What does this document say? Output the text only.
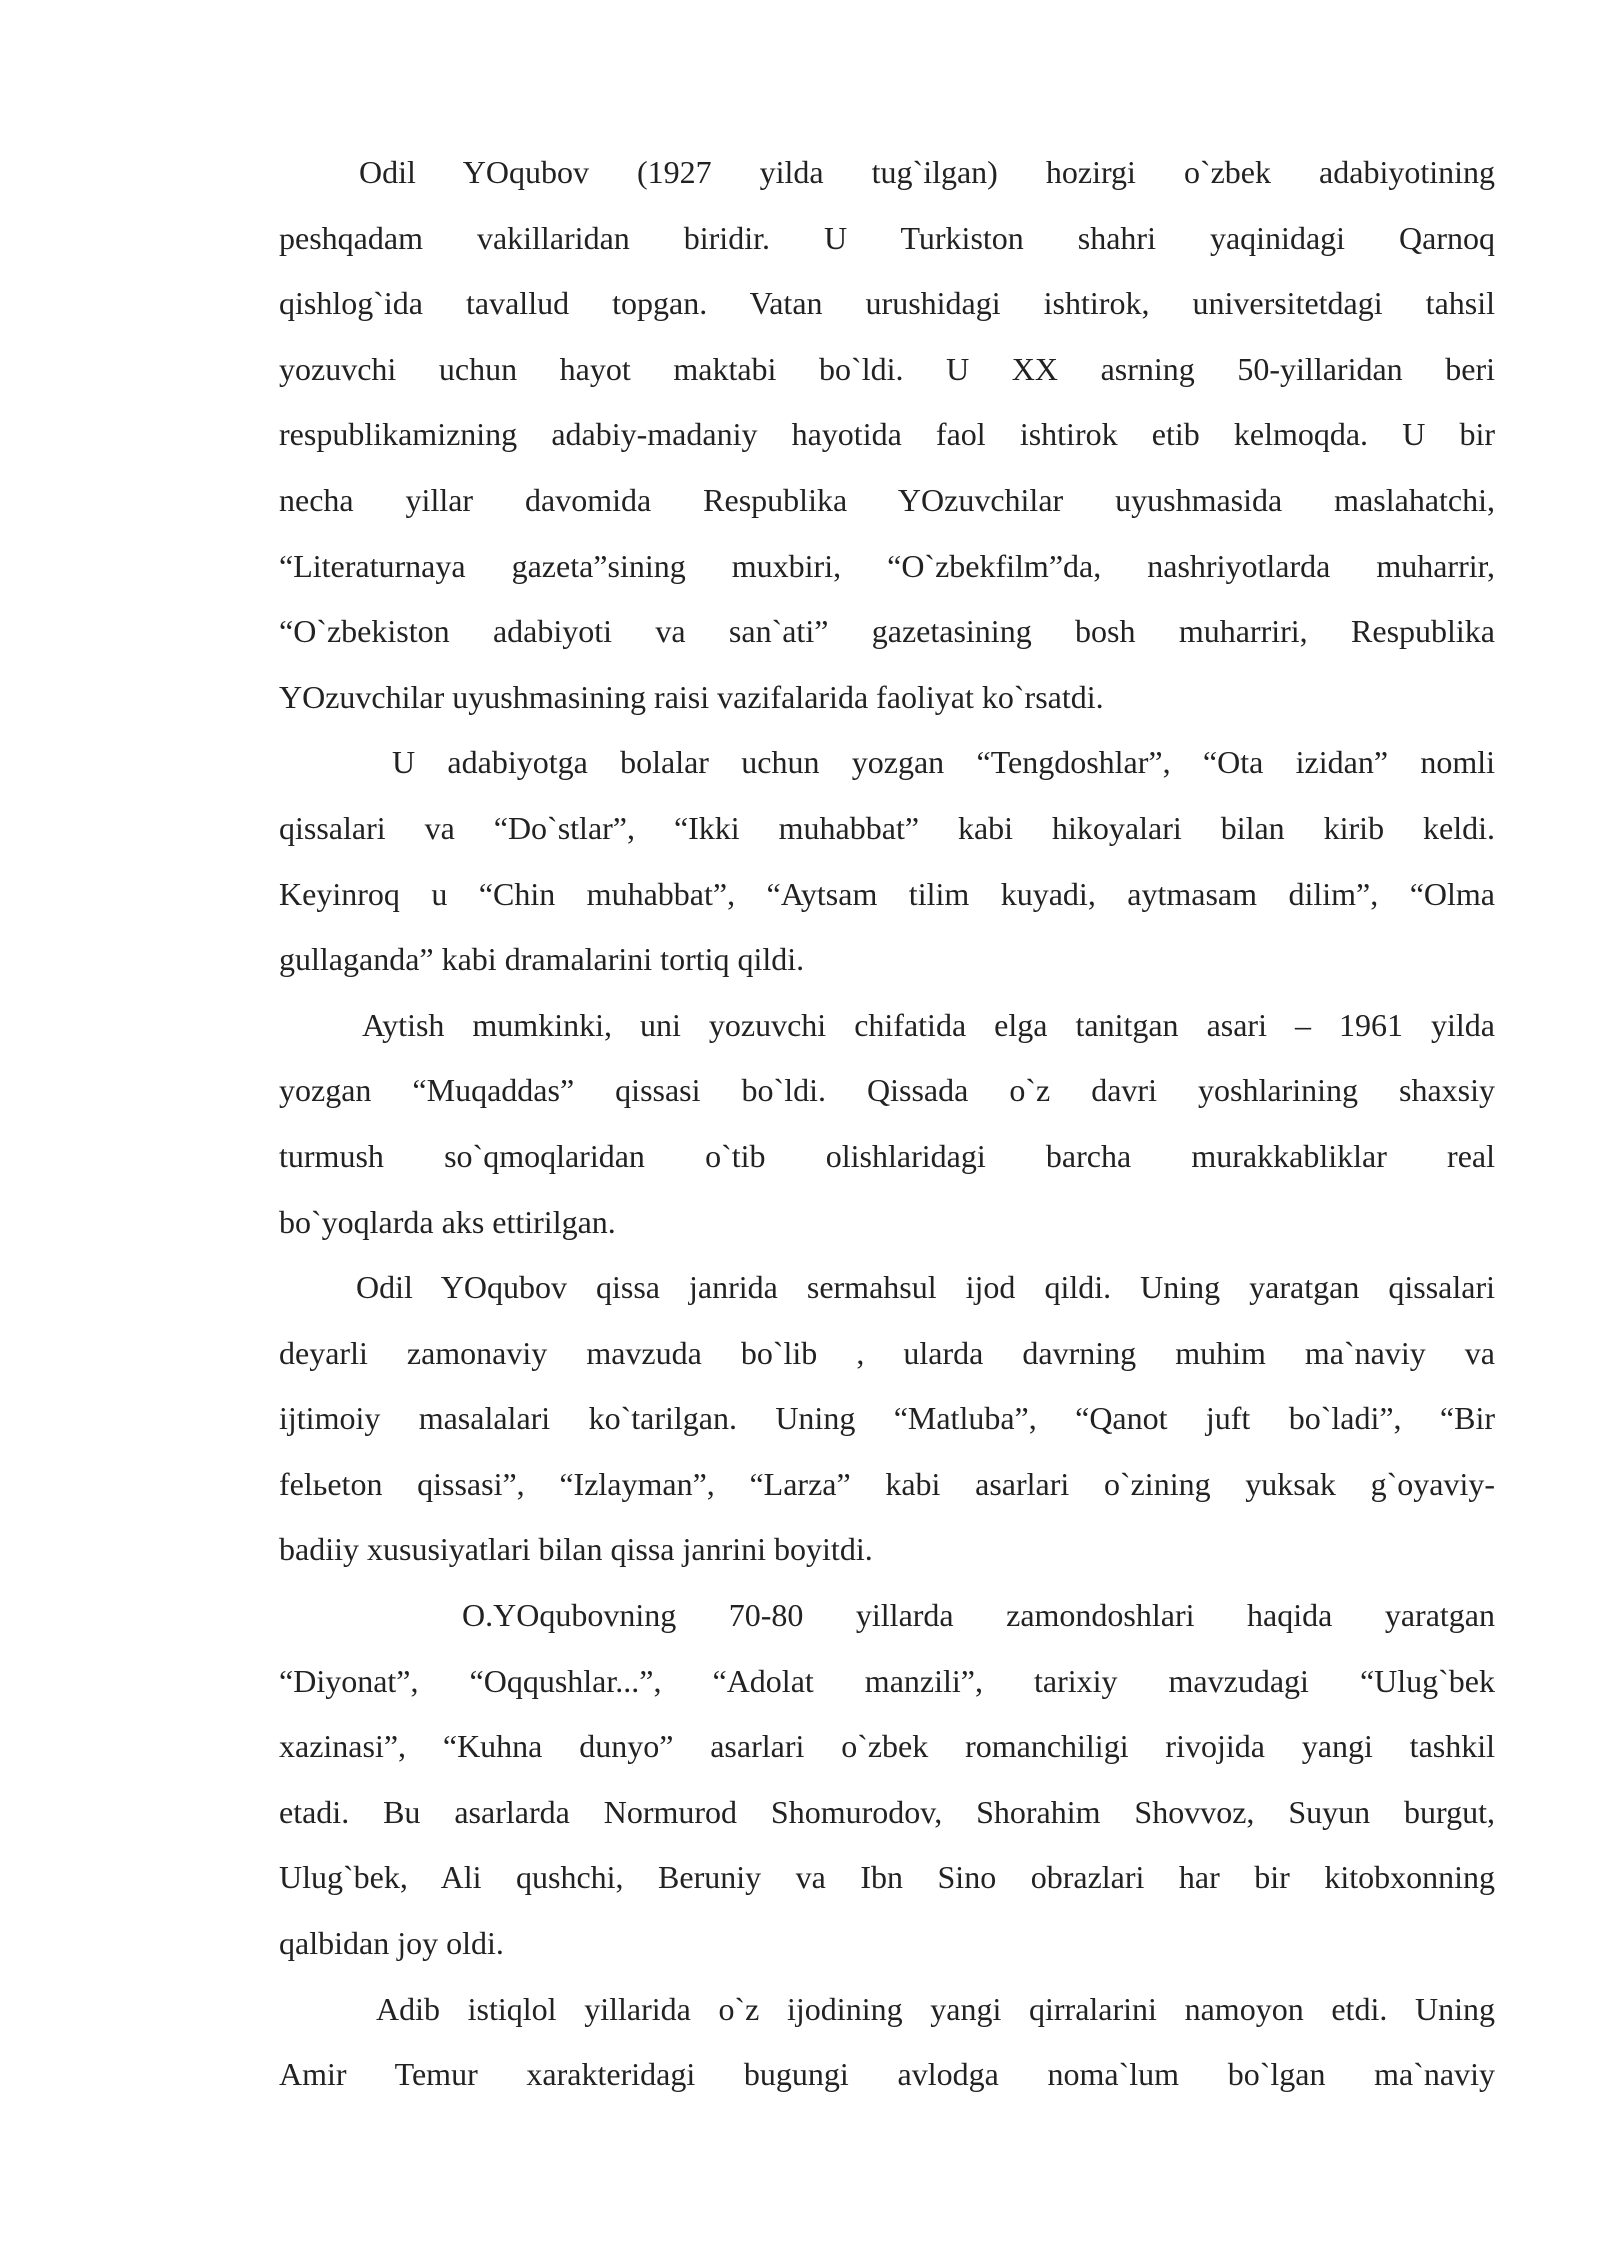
Odil YOqubov (1927 yilda tug`ilgan) hozirgi o`zbek adabiyotining
peshqadam vakillaridan biridir. U Turkiston shahri yaqinidagi Qarnoq
qishlog`ida tavallud topgan. Vatan urushidagi ishtirok, universitetdagi tahsil
yozuvchi uchun hayot maktabi bo`ldi. U XX asrning 50-yillaridan beri
respublikamizning adabiy-madaniy hayotida faol ishtirok etib kelmoqda. U bir
necha yillar davomida Respublika YOzuvchilar uyushmasida maslahatchi,
“Literaturnaya gazeta”sining muxbiri, “O`zbekfilm”da, nashriyotlarda muharrir,
“O`zbekiston adabiyoti va san`ati” gazetasining bosh muharriri, Respublika
YOzuvchilar uyushmasining raisi vazifalarida faoliyat ko`rsatdi.
U adabiyotga bolalar uchun yozgan “Tengdoshlar”, “Ota izidan” nomli
qissalari va “Do`stlar”, “Ikki muhabbat” kabi hikoyalari bilan kirib keldi.
Keyinroq u “Chin muhabbat”, “Aytsam tilim kuyadi, aytmasam dilim”, “Olma
gullaganda” kabi dramalarini tortiq qildi.
Aytish mumkinki, uni yozuvchi chifatida elga tanitgan asari – 1961 yilda
yozgan “Muqaddas” qissasi bo`ldi. Qissada o`z davri yoshlarining shaxsiy
turmush so`qmoqlaridan o`tib olishlaridagi barcha murakkabliklar real
bo`yoqlarda aks ettirilgan.
Odil YOqubov qissa janrida sermahsul ijod qildi. Uning yaratgan qissalari
deyarli zamonaviy mavzuda bo`lib , ularda davrning muhim ma`naviy va
ijtimoiy masalalari ko`tarilgan. Uning “Matluba”, “Qanot juft bo`ladi”, “Bir
felьeton qissasi”, “Izlayman”, “Larza” kabi asarlari o`zining yuksak g`oyaviy-
badiiy xususiyatlari bilan qissa janrini boyitdi.
O.YOqubovning 70-80 yillarda zamondoshlari haqida yaratgan
“Diyonat”, “Oqqushlar...”, “Adolat manzili”, tarixiy mavzudagi “Ulug`bek
xazinasi”, “Kuhna dunyo” asarlari o`zbek romanchiligi rivojida yangi tashkil
etadi. Bu asarlarda Normurod Shomurodov, Shorahim Shovvoz, Suyun burgut,
Ulug`bek, Ali qushchi, Beruniy va Ibn Sino obrazlari har bir kitobxonning
qalbidan joy oldi.
Adib istiqlol yillarida o`z ijodining yangi qirralarini namoyon etdi. Uning
Amir Temur xarakteridagi bugungi avlodga noma`lum bo`lgan ma`naviy
